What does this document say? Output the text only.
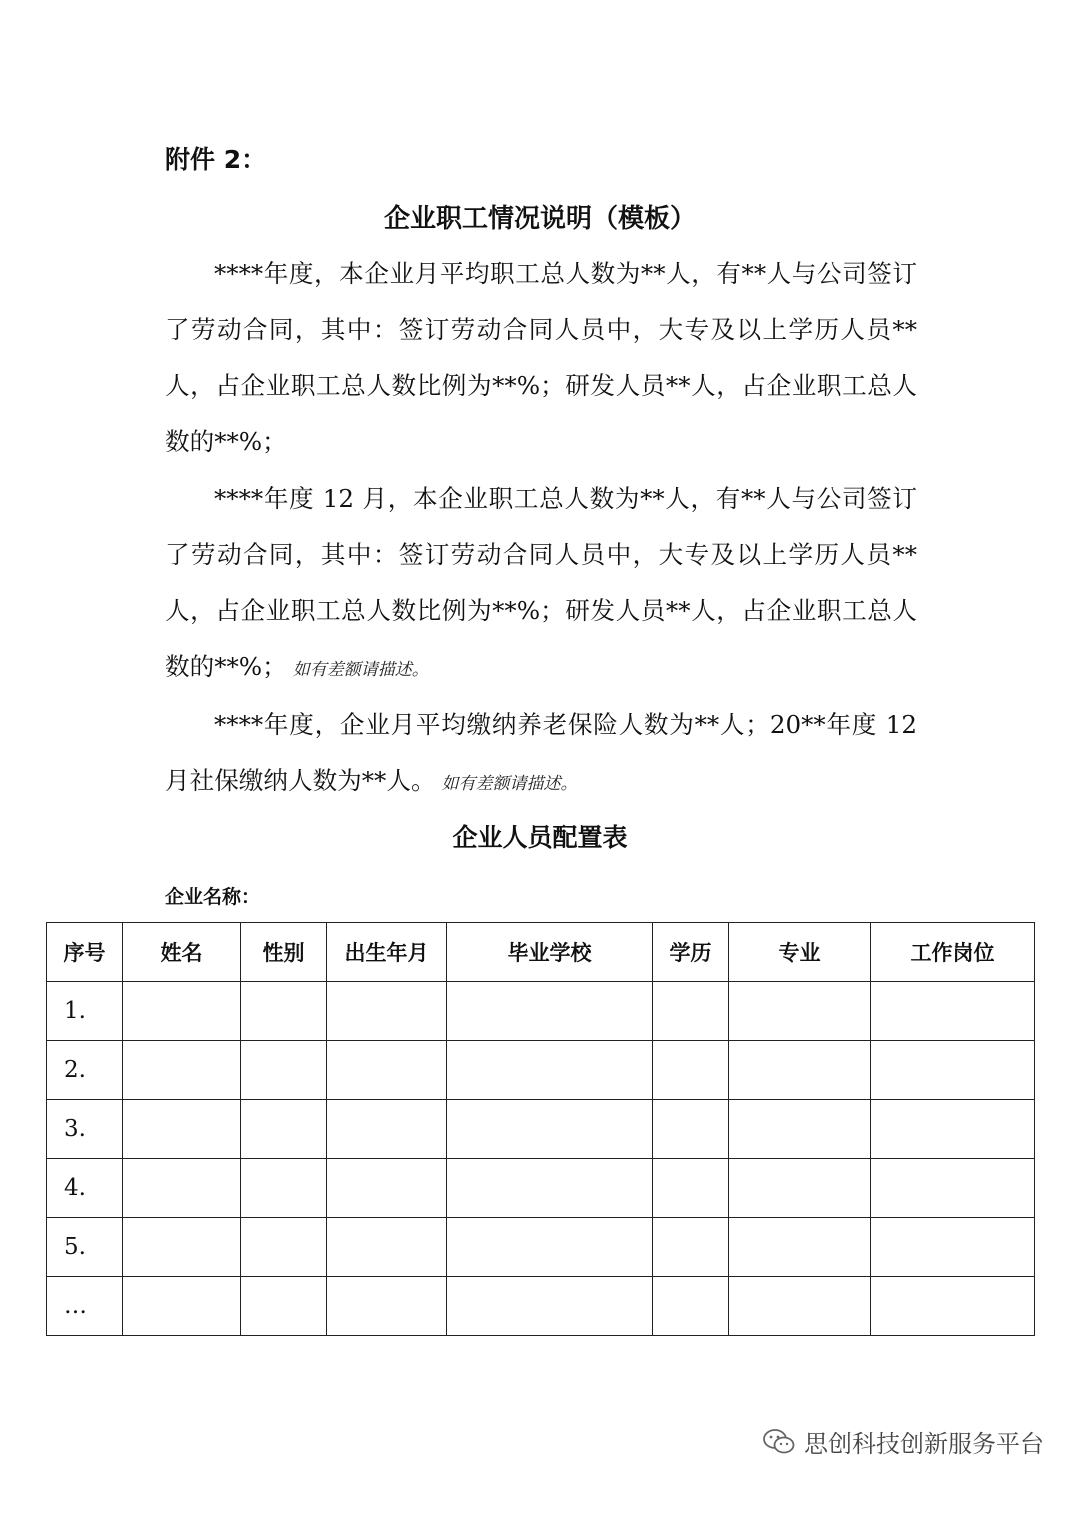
附件 2：
企业职工情况说明（模板）

****年度，本企业月平均职工总人数为**人，有**人与公司签订了劳动合同，其中：签订劳动合同人员中，大专及以上学历人员**人，占企业职工总人数比例为**%；研发人员**人，占企业职工总人数的**%；

****年度 12 月，本企业职工总人数为**人，有**人与公司签订了劳动合同，其中：签订劳动合同人员中，大专及以上学历人员**人，占企业职工总人数比例为**%；研发人员**人，占企业职工总人数的**%； 如有差额请描述。

****年度，企业月平均缴纳养老保险人数为**人；20**年度 12 月社保缴纳人数为**人。 如有差额请描述。

企业人员配置表
企业名称：
序号	姓名	性别	出生年月	毕业学校	学历	专业	工作岗位
1.							
2.							
3.							
4.							
5.							
…							
思创科技创新服务平台
